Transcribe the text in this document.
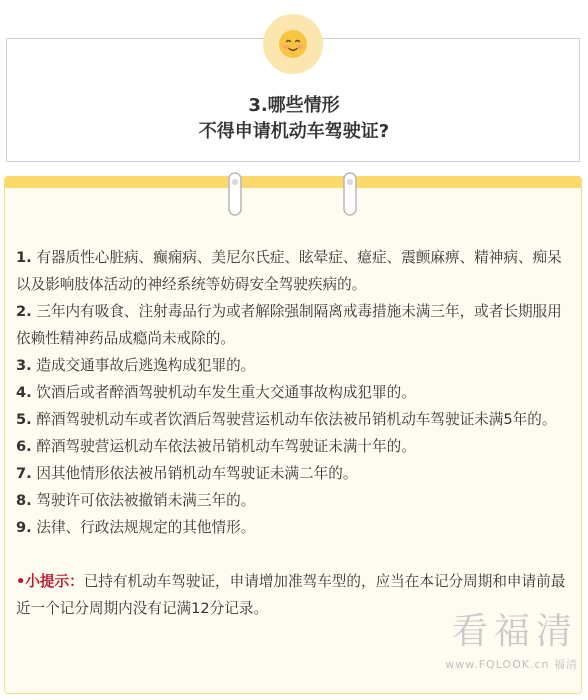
3.哪些情形
不得申请机动车驾驶证?

1. 有器质性心脏病、癫痫病、美尼尔氏症、眩晕症、癔症、震颤麻痹、精神病、痴呆以及影响肢体活动的神经系统等妨碍安全驾驶疾病的。

2. 三年内有吸食、注射毒品行为或者解除强制隔离戒毒措施未满三年，或者长期服用依赖性精神药品成瘾尚未戒除的。

3. 造成交通事故后逃逸构成犯罪的。

4. 饮酒后或者醉酒驾驶机动车发生重大交通事故构成犯罪的。

5. 醉酒驾驶机动车或者饮酒后驾驶营运机动车依法被吊销机动车驾驶证未满5年的。

6. 醉酒驾驶营运机动车依法被吊销机动车驾驶证未满十年的。

7. 因其他情形依法被吊销机动车驾驶证未满二年的。

8. 驾驶许可依法被撤销未满三年的。

9. 法律、行政法规规定的其他情形。

•小提示：已持有机动车驾驶证，申请增加准驾车型的，应当在本记分周期和申请前最近一个记分周期内没有记满12分记录。

看福清
www.FQLOOK.cn 福清
